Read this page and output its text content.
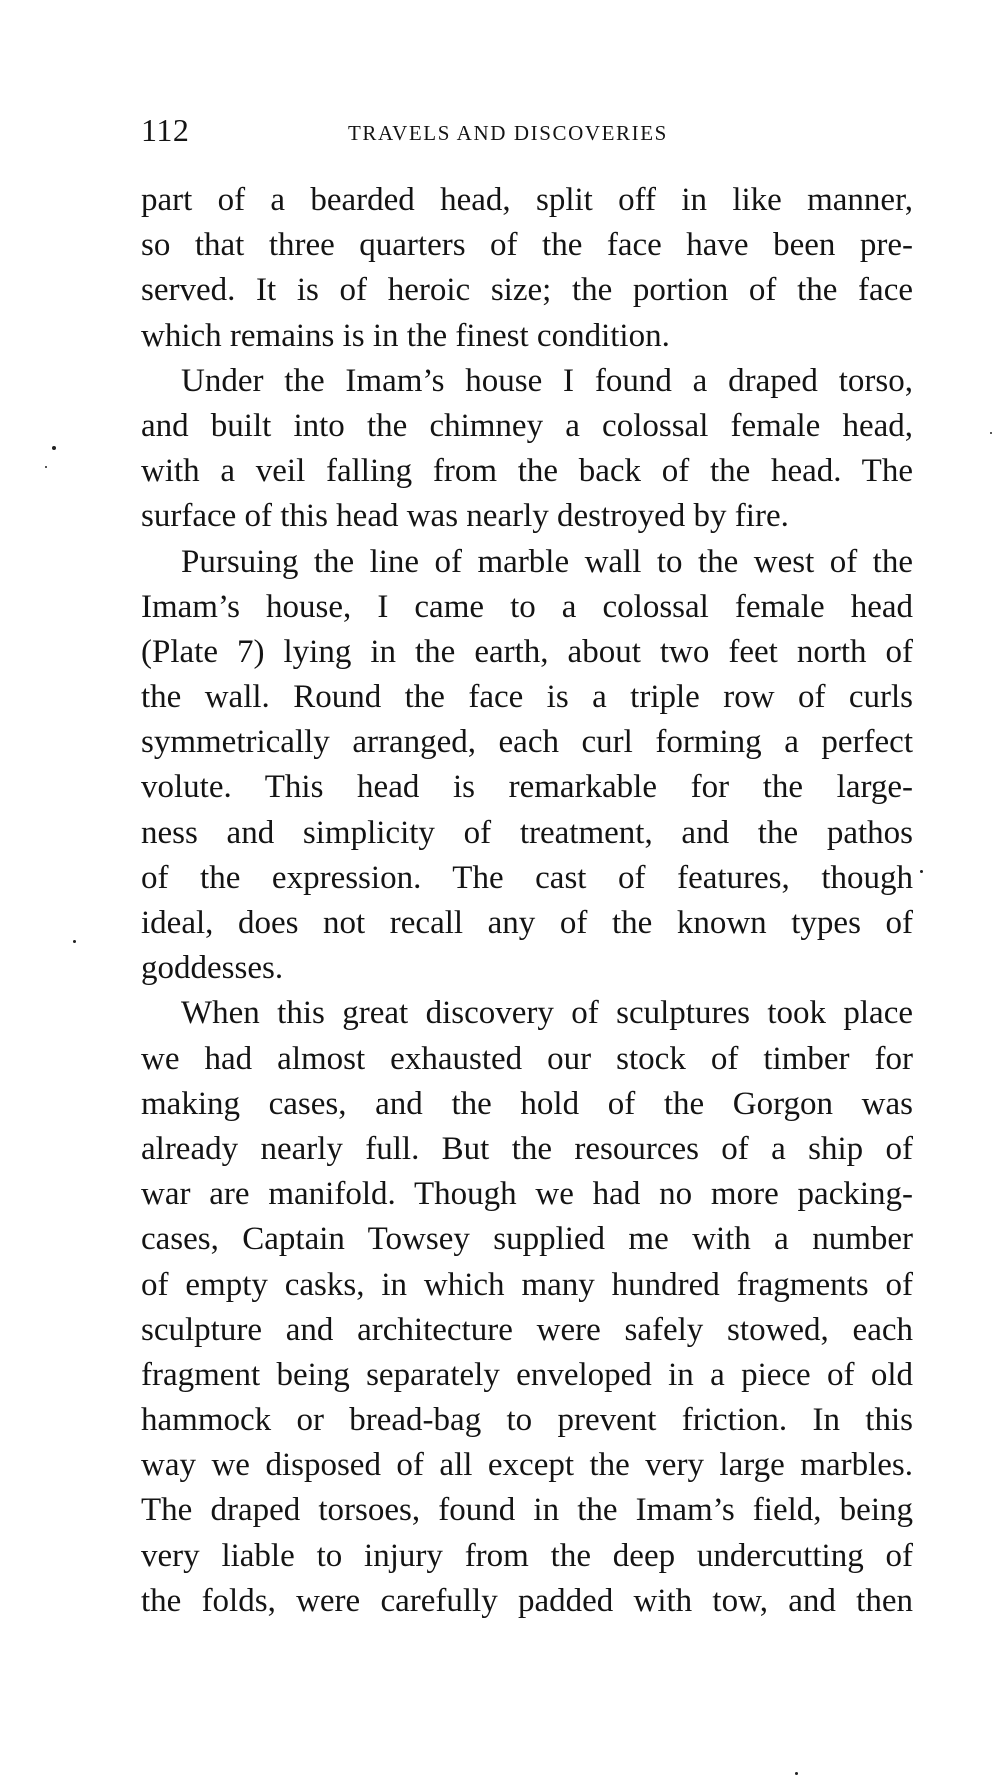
112	TRAVELS AND DISCOVERIES
part of a bearded head, split off in like manner,
so that three quarters of the face have been pre-
served. It is of heroic size; the portion of the face
which remains is in the finest condition.
Under the Imam’s house I found a draped torso,
and built into the chimney a colossal female head,
with a veil falling from the back of the head. The
surface of this head was nearly destroyed by fire.
Pursuing the line of marble wall to the west of the
Imam’s house, I came to a colossal female head
(Plate 7) lying in the earth, about two feet north of
the wall. Round the face is a triple row of curls
symmetrically arranged, each curl forming a perfect
volute. This head is remarkable for the large-
ness and simplicity of treatment, and the pathos
of the expression. The cast of features, though
ideal, does not recall any of the known types of
goddesses.
When this great discovery of sculptures took place
we had almost exhausted our stock of timber for
making cases, and the hold of the Gorgon was
already nearly full. But the resources of a ship of
war are manifold. Though we had no more packing-
cases, Captain Towsey supplied me with a number
of empty casks, in which many hundred fragments of
sculpture and architecture were safely stowed, each
fragment being separately enveloped in a piece of old
hammock or bread-bag to prevent friction. In this
way we disposed of all except the very large marbles.
The draped torsoes, found in the Imam’s field, being
very liable to injury from the deep undercutting of
the folds, were carefully padded with tow, and then
